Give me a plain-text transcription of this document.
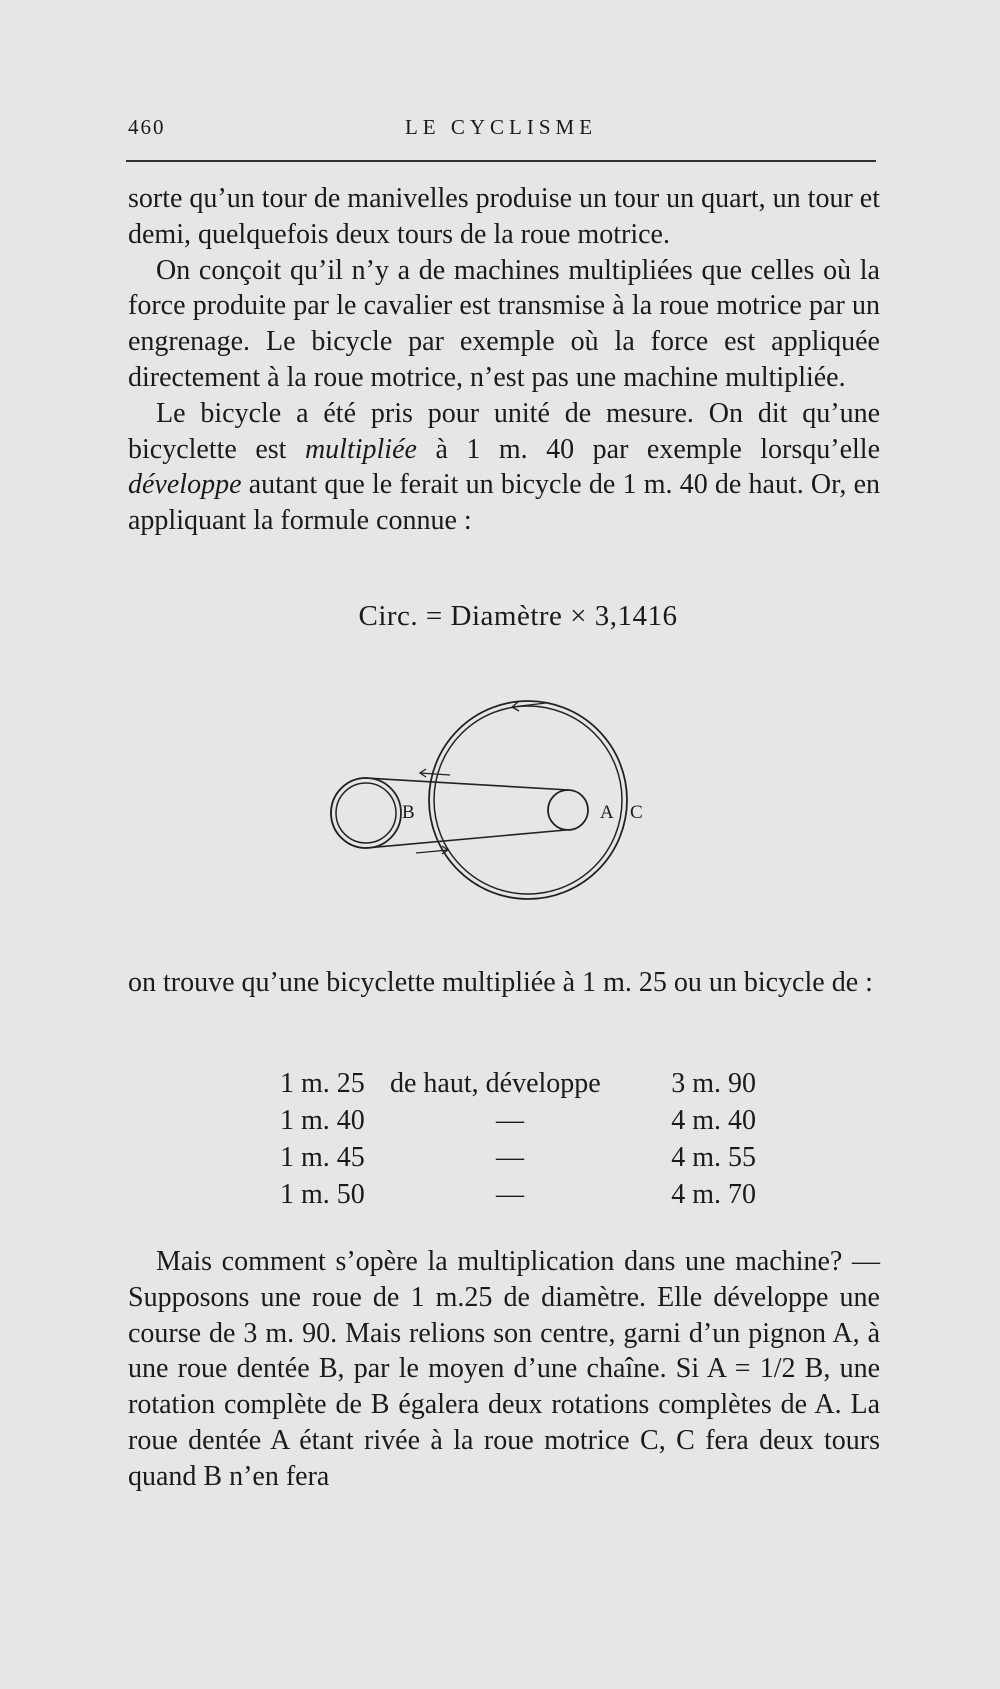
460	LE CYCLISME

sorte qu’un tour de manivelles produise un tour un quart, un tour et demi, quelquefois deux tours de la roue motrice.

On conçoit qu’il n’y a de machines multipliées que celles où la force produite par le cavalier est transmise à la roue motrice par un engrenage. Le bicycle par exemple où la force est appliquée directement à la roue motrice, n’est pas une machine multipliée.

Le bicycle a été pris pour unité de mesure. On dit qu’une bicyclette est multipliée à 1 m. 40 par exemple lorsqu’elle développe autant que le ferait un bicycle de 1 m. 40 de haut. Or, en appliquant la formule connue :

Circ. = Diamètre × 3,1416
B	A C

on trouve qu’une bicyclette multipliée à 1 m. 25 ou un bicycle de :

1 m. 25 de haut, développe	3 m. 90
1 m. 40	—	4 m. 40
1 m. 45	—	4 m. 55
1 m. 50	—	4 m. 70

Mais comment s’opère la multiplication dans une machine? — Supposons une roue de 1 m.25 de diamètre. Elle développe une course de 3 m. 90. Mais relions son centre, garni d’un pignon A, à une roue dentée B, par le moyen d’une chaîne. Si A = 1/2 B, une rotation complète de B égalera deux rotations complètes de A. La roue dentée A étant rivée à la roue motrice C, C fera deux tours quand B n’en fera
